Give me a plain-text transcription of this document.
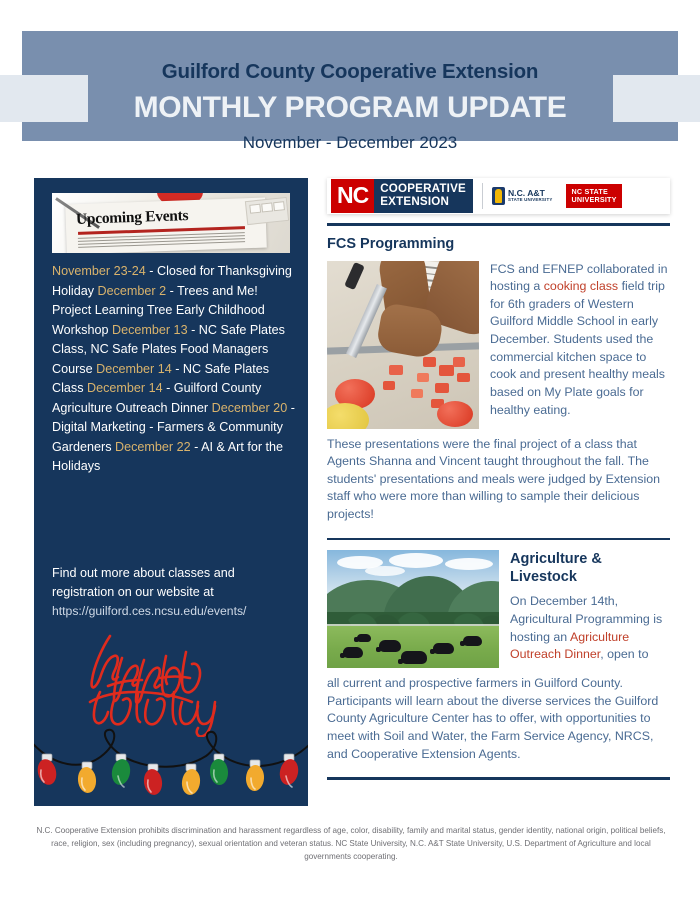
Guilford County Cooperative Extension
MONTHLY PROGRAM UPDATE
November - December 2023
Upcoming Events
November 23-24 - Closed for Thanksgiving Holiday December 2 - Trees and Me! Project Learning Tree Early Childhood Workshop December 13 - NC Safe Plates Class, NC Safe Plates Food Managers Course December 14 - NC Safe Plates Class December 14 - Guilford County Agriculture Outreach Dinner December 20 - Digital Marketing - Farmers & Community Gardeners December 22 - AI & Art for the Holidays
Find out more about classes and registration on our website at
https://guilford.ces.ncsu.edu/events/
NC	COOPERATIVE
EXTENSION
N.C. A&T
STATE UNIVERSITY
NC STATE
UNIVERSITY
FCS Programming
FCS and EFNEP collaborated in hosting a cooking class field trip for 6th graders of Western Guilford Middle School in early December. Students used the commercial kitchen space to cook and present healthy meals based on My Plate goals for healthy eating.
These presentations were the final project of a class that Agents Shanna and Vincent taught throughout the fall. The students' presentations and meals were judged by Extension staff who were more than willing to sample their delicious projects!
Agriculture & Livestock
On December 14th, Agricultural Programming is hosting an Agriculture Outreach Dinner, open to
all current and prospective farmers in Guilford County. Participants will learn about the diverse services the Guilford County Agriculture Center has to offer, with opportunities to meet with Soil and Water, the Farm Service Agency, NRCS, and Cooperative Extension Agents.
N.C. Cooperative Extension prohibits discrimination and harassment regardless of age, color, disability, family and marital status, gender identity, national origin, political beliefs, race, religion, sex (including pregnancy), sexual orientation and veteran status. NC State University, N.C. A&T State University, U.S. Department of Agriculture and local governments cooperating.
